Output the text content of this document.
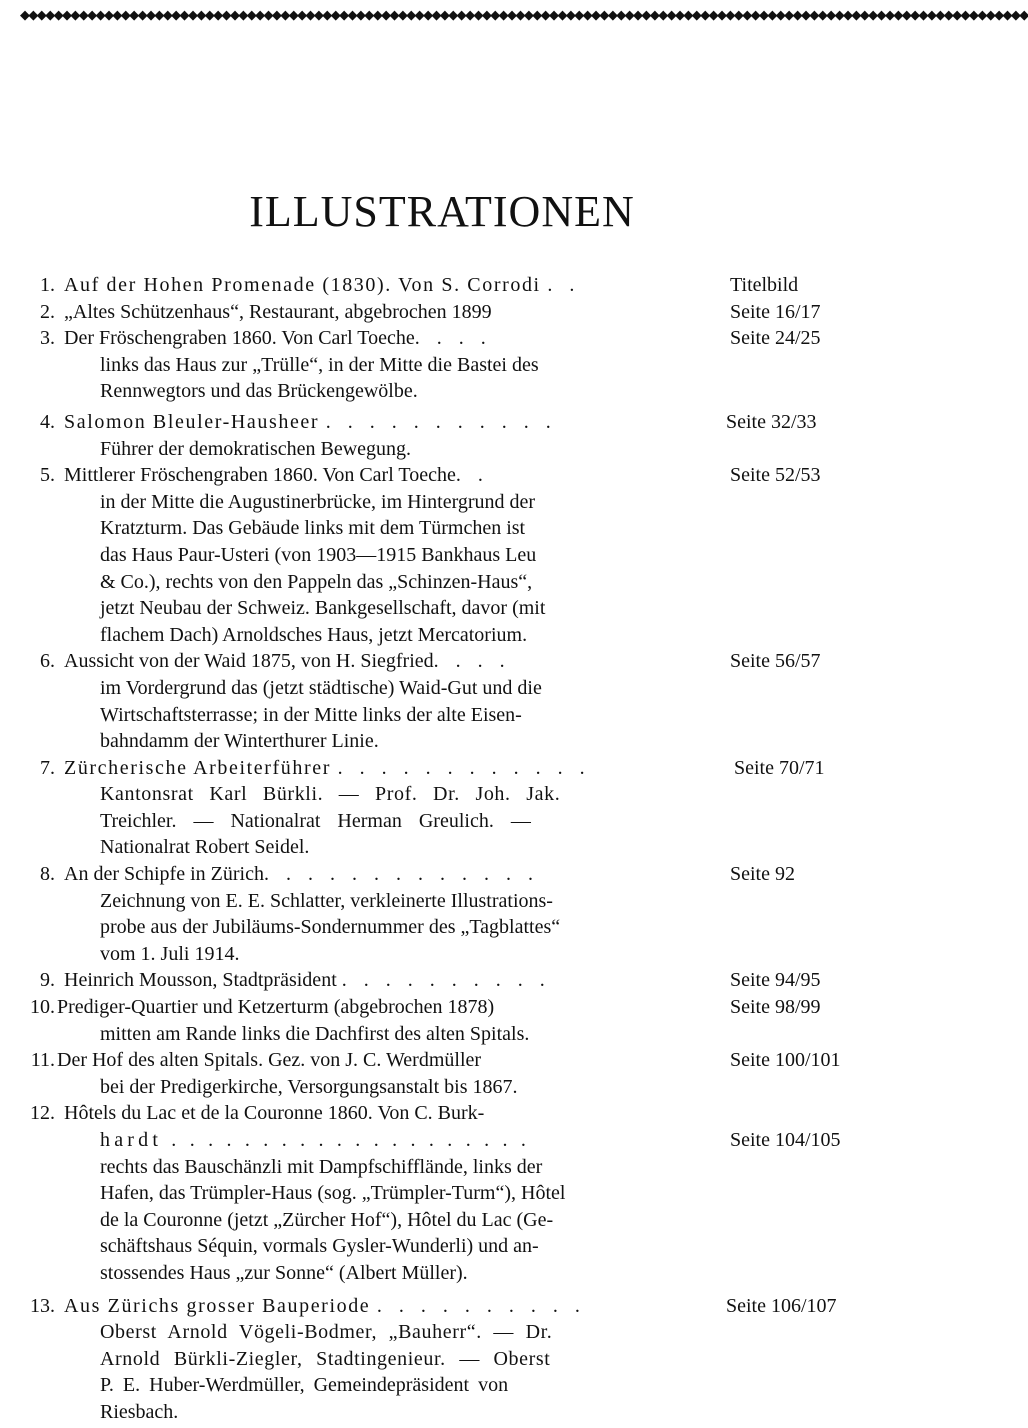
◆◆◆◆◆◆◆◆◆◆◆◆◆◆◆◆◆◆◆◆◆◆◆◆◆◆◆◆◆◆◆◆◆◆◆◆◆◆◆◆◆◆◆◆◆◆◆◆◆◆◆◆◆◆◆◆◆◆◆◆◆◆◆◆◆◆◆◆◆◆◆◆◆◆◆◆◆◆◆◆◆◆◆◆◆◆◆◆◆◆◆◆◆◆◆◆◆◆◆◆◆◆◆◆◆◆◆◆◆◆◆◆◆◆◆◆◆◆◆◆
ILLUSTRATIONEN
1. Auf der Hohen Promenade (1830). Von S. Corrodi . .	Titelbild
2. „Altes Schützenhaus“, Restaurant, abgebrochen 1899	Seite 16/17
3. Der Fröschengraben 1860. Von Carl Toeche. . . .	Seite 24/25
links das Haus zur „Trülle“, in der Mitte die Bastei des
Rennwegtors und das Brückengewölbe.
4. Salomon Bleuler-Hausheer . . . . . . . . . . .	Seite 32/33
Führer der demokratischen Bewegung.
5. Mittlerer Fröschengraben 1860. Von Carl Toeche. .	Seite 52/53
in der Mitte die Augustinerbrücke, im Hintergrund der
Kratzturm. Das Gebäude links mit dem Türmchen ist
das Haus Paur-Usteri (von 1903—1915 Bankhaus Leu
& Co.), rechts von den Pappeln das „Schinzen-Haus“,
jetzt Neubau der Schweiz. Bankgesellschaft, davor (mit
flachem Dach) Arnoldsches Haus, jetzt Mercatorium.
6. Aussicht von der Waid 1875, von H. Siegfried. . . .	Seite 56/57
im Vordergrund das (jetzt städtische) Waid-Gut und die
Wirtschaftsterrasse; in der Mitte links der alte Eisen-
bahndamm der Winterthurer Linie.
7. Zürcherische Arbeiterführer . . . . . . . . . . . .	Seite 70/71
Kantonsrat Karl Bürkli. — Prof. Dr. Joh. Jak.
Treichler. — Nationalrat Herman Greulich. —
Nationalrat Robert Seidel.
8. An der Schipfe in Zürich. . . . . . . . . . . . .	Seite 92
Zeichnung von E. E. Schlatter, verkleinerte Illustrations-
probe aus der Jubiläums-Sondernummer des „Tagblattes“
vom 1. Juli 1914.
9. Heinrich Mousson, Stadtpräsident . . . . . . . . . .	Seite 94/95
10. Prediger-Quartier und Ketzerturm (abgebrochen 1878)	Seite 98/99
mitten am Rande links die Dachfirst des alten Spitals.
11. Der Hof des alten Spitals. Gez. von J. C. Werdmüller	Seite 100/101
bei der Predigerkirche, Versorgungsanstalt bis 1867.
12. Hôtels du Lac et de la Couronne 1860. Von C. Burk-
hardt . . . . . . . . . . . . . . . . . . . .	Seite 104/105
rechts das Bauschänzli mit Dampfschifflände, links der
Hafen, das Trümpler-Haus (sog. „Trümpler-Turm“), Hôtel
de la Couronne (jetzt „Zürcher Hof“), Hôtel du Lac (Ge-
schäftshaus Séquin, vormals Gysler-Wunderli) und an-
stossendes Haus „zur Sonne“ (Albert Müller).
13. Aus Zürichs grosser Bauperiode . . . . . . . . . .	Seite 106/107
Oberst Arnold Vögeli-Bodmer, „Bauherr“. — Dr.
Arnold Bürkli-Ziegler, Stadtingenieur. — Oberst
P. E. Huber-Werdmüller, Gemeindepräsident von
Riesbach.
